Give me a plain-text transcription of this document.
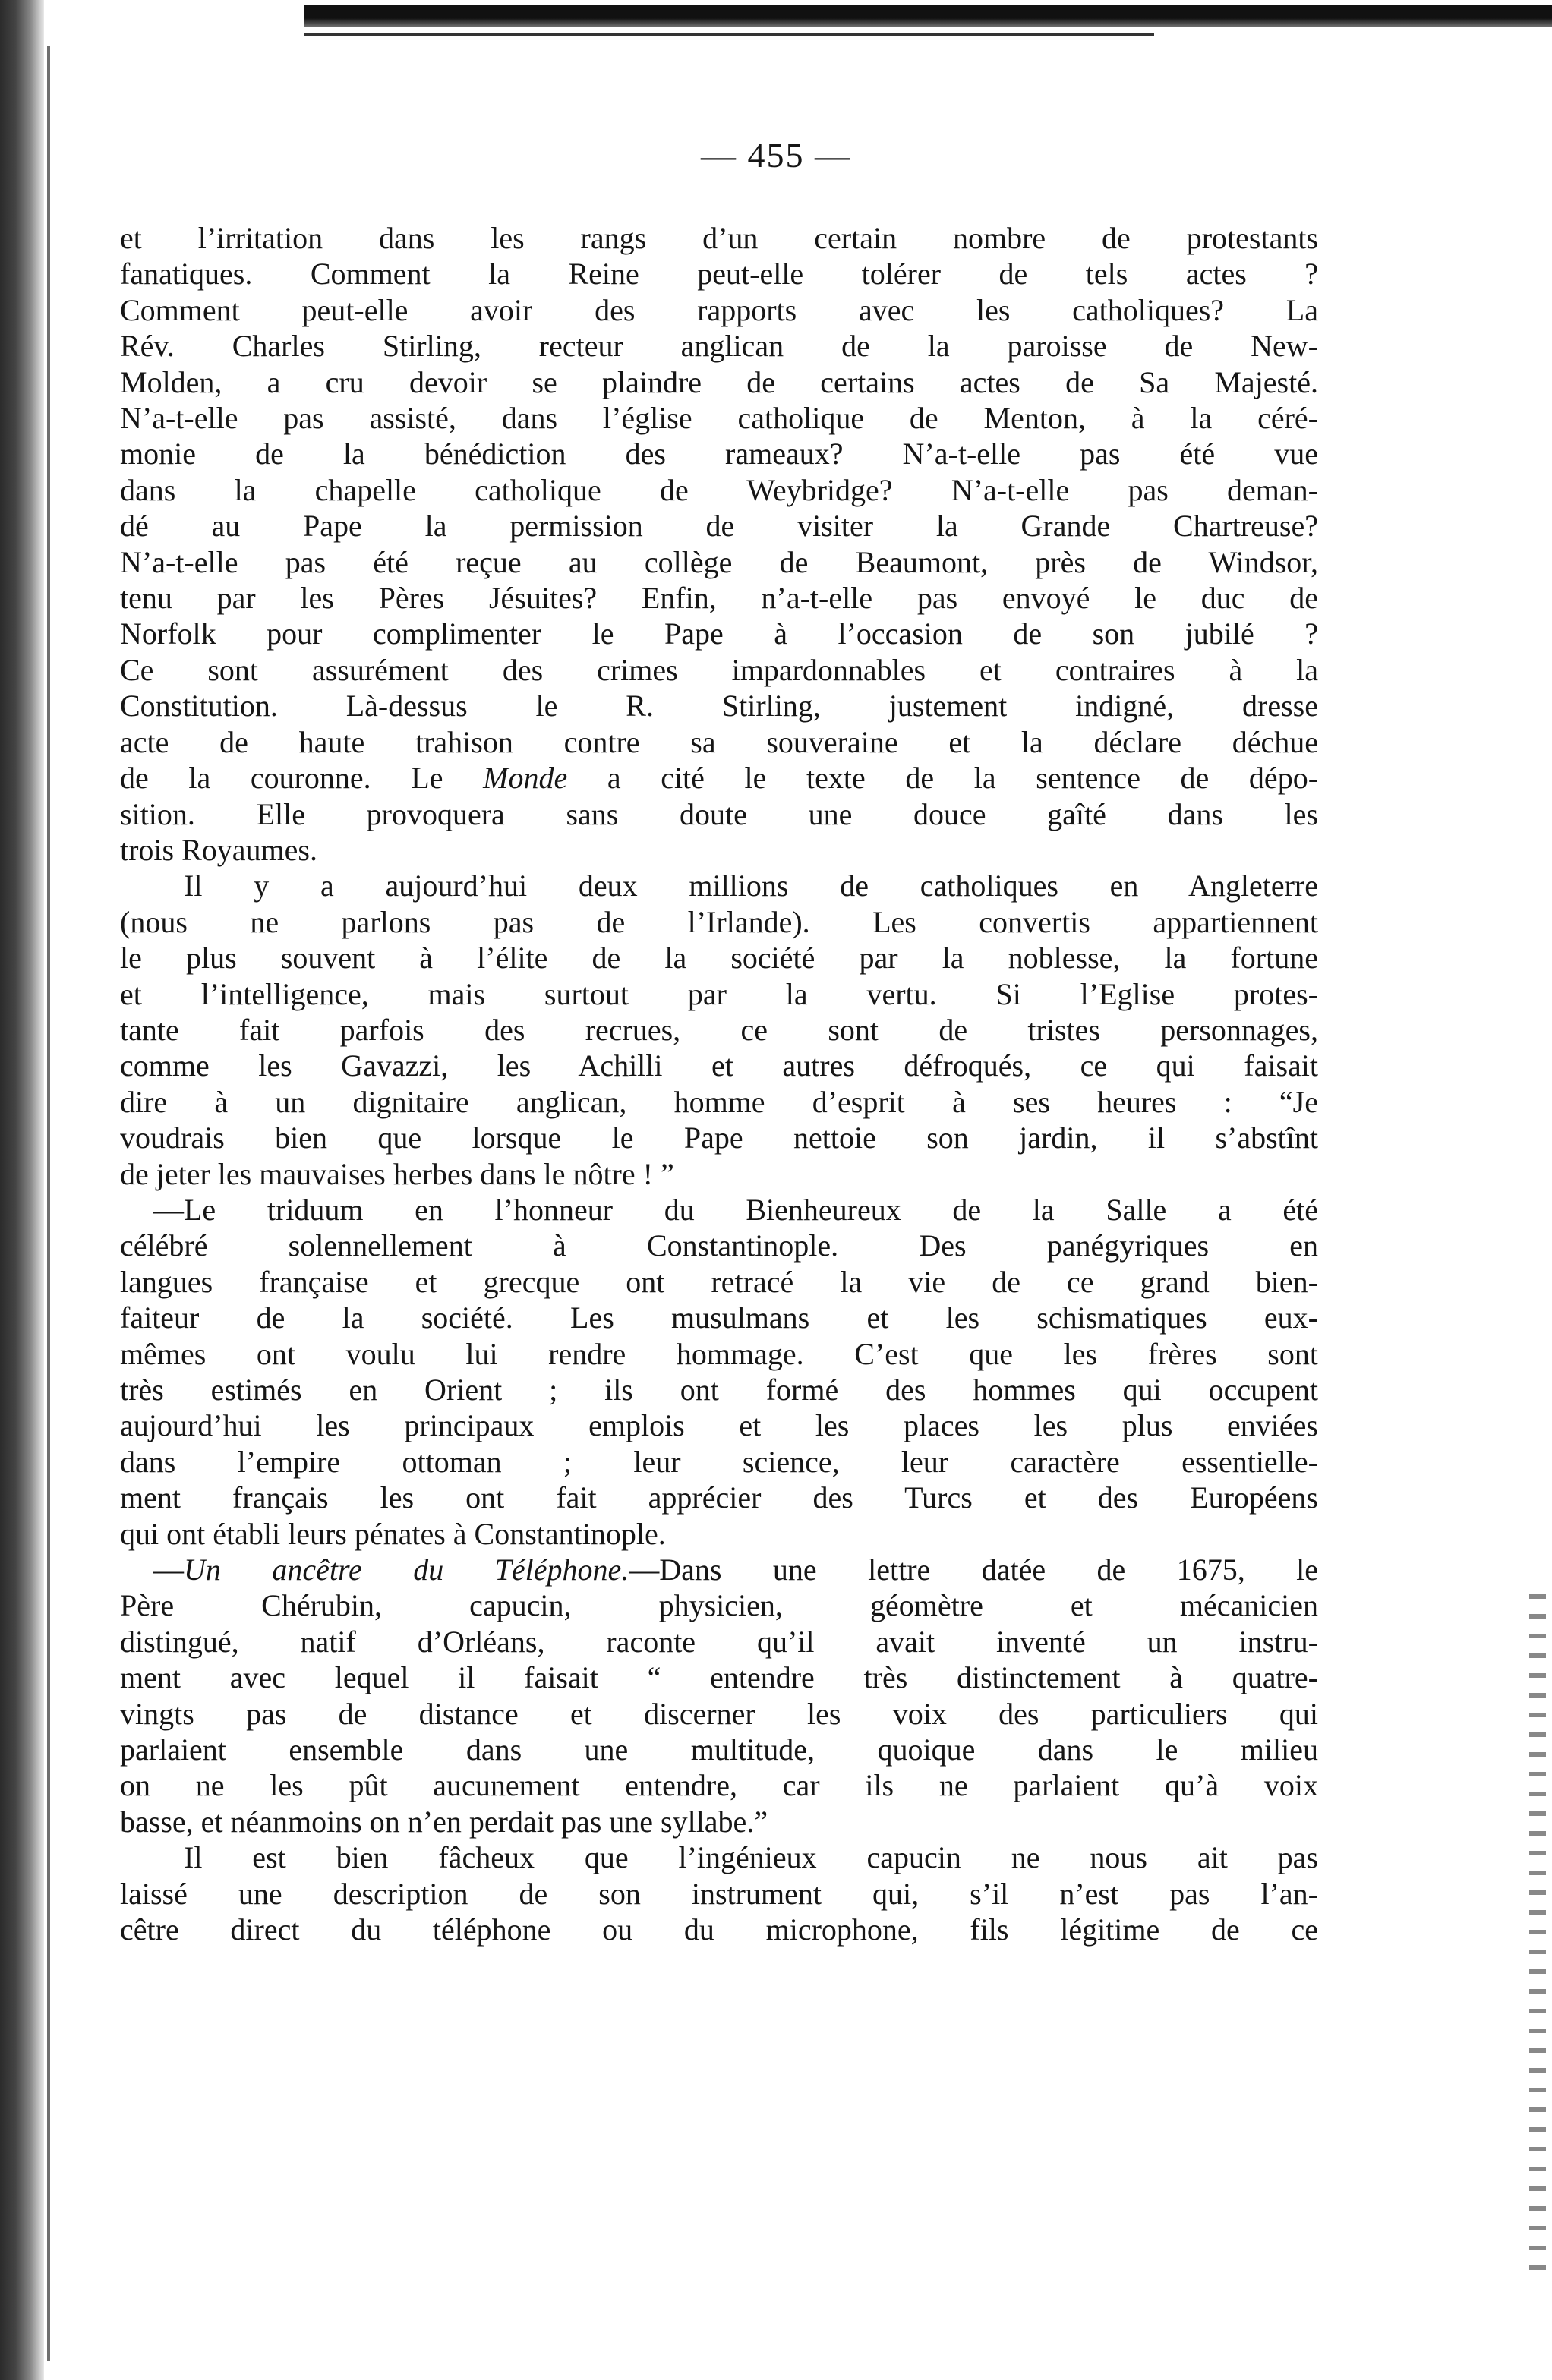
— 455 —
et l’irritation dans les rangs d’un certain nombre de protestants
fanatiques. Comment la Reine peut-elle tolérer de tels actes ?
Comment peut-elle avoir des rapports avec les catholiques? La
Rév. Charles Stirling, recteur anglican de la paroisse de New-
Molden, a cru devoir se plaindre de certains actes de Sa Majesté.
N’a-t-elle pas assisté, dans l’église catholique de Menton, à la céré-
monie de la bénédiction des rameaux? N’a-t-elle pas été vue
dans la chapelle catholique de Weybridge? N’a-t-elle pas deman-
dé au Pape la permission de visiter la Grande Chartreuse?
N’a-t-elle pas été reçue au collège de Beaumont, près de Windsor,
tenu par les Pères Jésuites? Enfin, n’a-t-elle pas envoyé le duc de
Norfolk pour complimenter le Pape à l’occasion de son jubilé ?
Ce sont assurément des crimes impardonnables et contraires à la
Constitution. Là-dessus le R. Stirling, justement indigné, dresse
acte de haute trahison contre sa souveraine et la déclare déchue
de la couronne. Le Monde a cité le texte de la sentence de dépo-
sition. Elle provoquera sans doute une douce gaîté dans les
trois Royaumes.
Il y a aujourd’hui deux millions de catholiques en Angleterre
(nous ne parlons pas de l’Irlande). Les convertis appartiennent
le plus souvent à l’élite de la société par la noblesse, la fortune
et l’intelligence, mais surtout par la vertu. Si l’Eglise protes-
tante fait parfois des recrues, ce sont de tristes personnages,
comme les Gavazzi, les Achilli et autres défroqués, ce qui faisait
dire à un dignitaire anglican, homme d’esprit à ses heures : “Je
voudrais bien que lorsque le Pape nettoie son jardin, il s’abstînt
de jeter les mauvaises herbes dans le nôtre ! ”
—Le triduum en l’honneur du Bienheureux de la Salle a été
célébré solennellement à Constantinople. Des panégyriques en
langues française et grecque ont retracé la vie de ce grand bien-
faiteur de la société. Les musulmans et les schismatiques eux-
mêmes ont voulu lui rendre hommage. C’est que les frères sont
très estimés en Orient ; ils ont formé des hommes qui occupent
aujourd’hui les principaux emplois et les places les plus enviées
dans l’empire ottoman ; leur science, leur caractère essentielle-
ment français les ont fait apprécier des Turcs et des Européens
qui ont établi leurs pénates à Constantinople.
—Un ancêtre du Téléphone.—Dans une lettre datée de 1675, le
Père Chérubin, capucin, physicien, géomètre et mécanicien
distingué, natif d’Orléans, raconte qu’il avait inventé un instru-
ment avec lequel il faisait “ entendre très distinctement à quatre-
vingts pas de distance et discerner les voix des particuliers qui
parlaient ensemble dans une multitude, quoique dans le milieu
on ne les pût aucunement entendre, car ils ne parlaient qu’à voix
basse, et néanmoins on n’en perdait pas une syllabe.”
Il est bien fâcheux que l’ingénieux capucin ne nous ait pas
laissé une description de son instrument qui, s’il n’est pas l’an-
cêtre direct du téléphone ou du microphone, fils légitime de ce
